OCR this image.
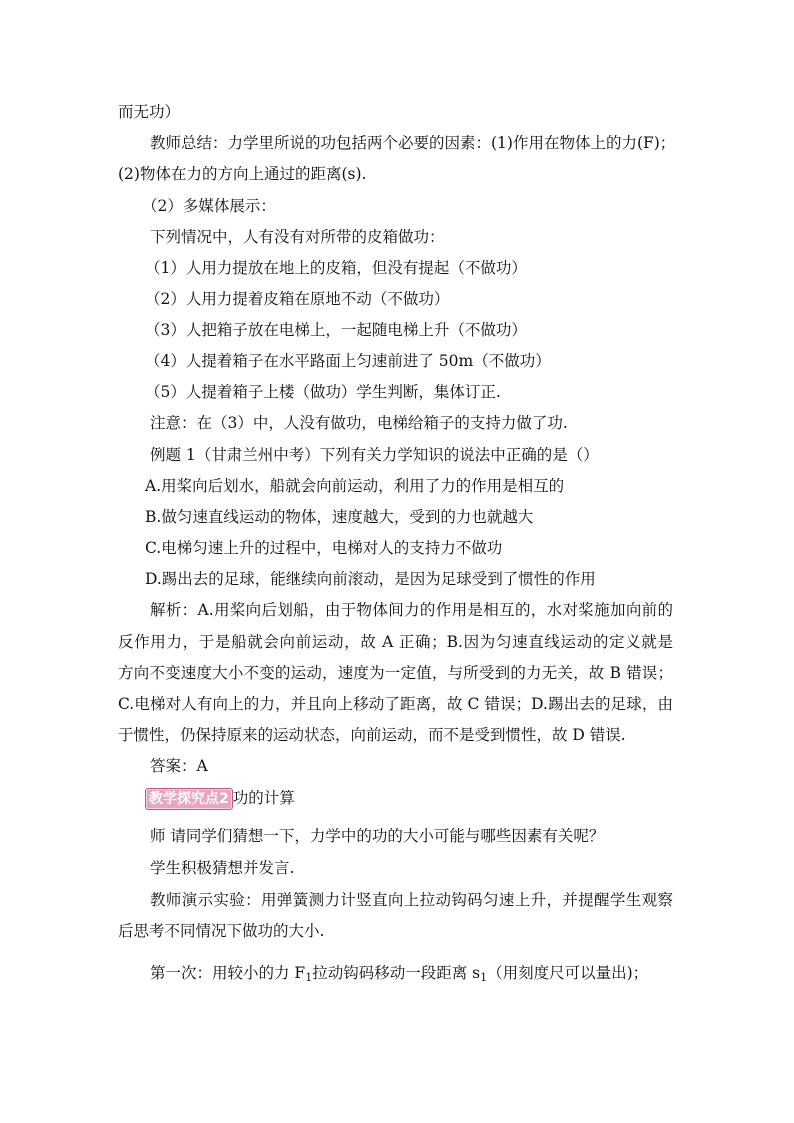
而无功）
教师总结：力学里所说的功包括两个必要的因素：(1)作用在物体上的力(F)；
(2)物体在力的方向上通过的距离(s).
（2）多媒体展示：
下列情况中，人有没有对所带的皮箱做功：
（1）人用力提放在地上的皮箱，但没有提起（不做功）
（2）人用力提着皮箱在原地不动（不做功）
（3）人把箱子放在电梯上，一起随电梯上升（不做功）
（4）人提着箱子在水平路面上匀速前进了 50m（不做功）
（5）人提着箱子上楼（做功）学生判断，集体订正.
注意：在（3）中，人没有做功，电梯给箱子的支持力做了功.
例题 1（甘肃兰州中考）下列有关力学知识的说法中正确的是（）
A.用桨向后划水，船就会向前运动，利用了力的作用是相互的
B.做匀速直线运动的物体，速度越大，受到的力也就越大
C.电梯匀速上升的过程中，电梯对人的支持力不做功
D.踢出去的足球，能继续向前滚动，是因为足球受到了惯性的作用
解析：A.用桨向后划船，由于物体间力的作用是相互的，水对桨施加向前的
反作用力，于是船就会向前运动，故 A 正确；B.因为匀速直线运动的定义就是
方向不变速度大小不变的运动，速度为一定值，与所受到的力无关，故 B 错误；
C.电梯对人有向上的力，并且向上移动了距离，故 C 错误；D.踢出去的足球，由
于惯性，仍保持原来的运动状态，向前运动，而不是受到惯性，故 D 错误.
答案：A
教学探究点2 功的计算
师 请同学们猜想一下，力学中的功的大小可能与哪些因素有关呢？
学生积极猜想并发言.
教师演示实验：用弹簧测力计竖直向上拉动钩码匀速上升，并提醒学生观察
后思考不同情况下做功的大小.
第一次：用较小的力 $F_1$拉动钩码移动一段距离 $s_1$（用刻度尺可以量出)；
